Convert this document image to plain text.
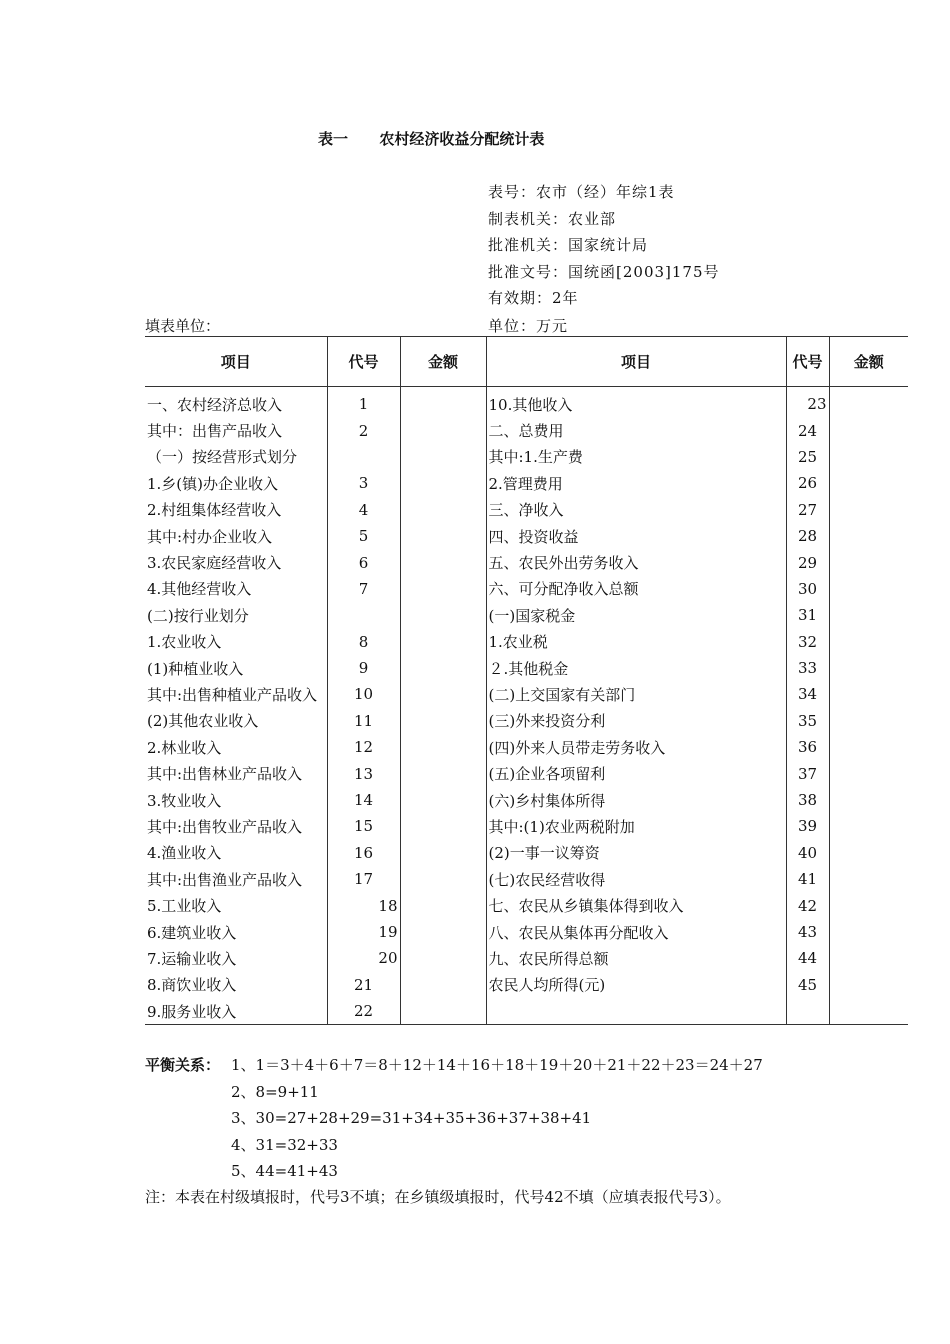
表一      农村经济收益分配统计表
表号：农市（经）年综1表
制表机关：农业部
批准机关：国家统计局
批准文号：国统函[2003]175号
有效期：2年
单位：万元
填表单位：
项目	代号	金额	项目	代号	金额

一、农村经济总收入	1		10.其他收入	23	
其中：出售产品收入	2		二、总费用	24	
（一）按经营形式划分			其中:1.生产费	25	
1.乡(镇)办企业收入	3		2.管理费用	26	
2.村组集体经营收入	4		三、净收入	27	
其中:村办企业收入	5		四、投资收益	28	
3.农民家庭经营收入	6		五、农民外出劳务收入	29	
4.其他经营收入	7		六、可分配净收入总额	30	
(二)按行业划分			(一)国家税金	31	
1.农业收入	8		1.农业税	32	
(1)种植业收入	9		２.其他税金	33	
其中:出售种植业产品收入	10		(二)上交国家有关部门	34	
(2)其他农业收入	11		(三)外来投资分利	35	
2.林业收入	12		(四)外来人员带走劳务收入	36	
其中:出售林业产品收入	13		(五)企业各项留利	37	
3.牧业收入	14		(六)乡村集体所得	38	
其中:出售牧业产品收入	15		其中:(1)农业两税附加	39	
4.渔业收入	16		(2)一事一议筹资	40	
其中:出售渔业产品收入	17		(七)农民经营收得	41	
5.工业收入	18		七、农民从乡镇集体得到收入	42	
6.建筑业收入	19		八、农民从集体再分配收入	43	
7.运输业收入	20		九、农民所得总额	44	
8.商饮业收入	21		农民人均所得(元)	45	
9.服务业收入	22				
平衡关系： 1、1＝3＋4＋6＋7＝8＋12＋14＋16＋18＋19＋20＋21＋22＋23＝24＋27
2、8=9+11
3、30=27+28+29=31+34+35+36+37+38+41
4、31=32+33
5、44=41+43
注：本表在村级填报时，代号3不填；在乡镇级填报时，代号42不填（应填表报代号3）。
